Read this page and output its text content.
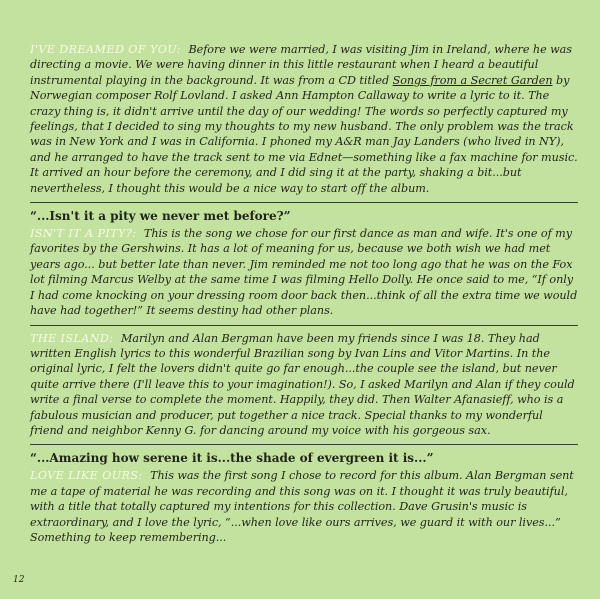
I'VE DREAMED OF YOU: Before we were married, I was visiting Jim in Ireland, where he was directing a movie. We were having dinner in this little restaurant when I heard a beautiful instrumental playing in the background. It was from a CD titled Songs from a Secret Garden by Norwegian composer Rolf Lovland. I asked Ann Hampton Callaway to write a lyric to it. The crazy thing is, it didn't arrive until the day of our wedding! The words so perfectly captured my feelings, that I decided to sing my thoughts to my new husband. The only problem was the track was in New York and I was in California. I phoned my A&R man Jay Landers (who lived in NY), and he arranged to have the track sent to me via Ednet—something like a fax machine for music. It arrived an hour before the ceremony, and I did sing it at the party, shaking a bit...but nevertheless, I thought this would be a nice way to start off the album.

“...Isn't it a pity we never met before?”

ISN'T IT A PITY?: This is the song we chose for our first dance as man and wife. It's one of my favorites by the Gershwins. It has a lot of meaning for us, because we both wish we had met years ago... but better late than never. Jim reminded me not too long ago that he was on the Fox lot filming Marcus Welby at the same time I was filming Hello Dolly. He once said to me, “If only I had come knocking on your dressing room door back then...think of all the extra time we would have had together!” It seems destiny had other plans.

THE ISLAND: Marilyn and Alan Bergman have been my friends since I was 18. They had written English lyrics to this wonderful Brazilian song by Ivan Lins and Vitor Martins. In the original lyric, I felt the lovers didn't quite go far enough...the couple see the island, but never quite arrive there (I'll leave this to your imagination!). So, I asked Marilyn and Alan if they could write a final verse to complete the moment. Happily, they did. Then Walter Afanasieff, who is a fabulous musician and producer, put together a nice track. Special thanks to my wonderful friend and neighbor Kenny G. for dancing around my voice with his gorgeous sax.

“...Amazing how serene it is...the shade of evergreen it is...”

LOVE LIKE OURS: This was the first song I chose to record for this album. Alan Bergman sent me a tape of material he was recording and this song was on it. I thought it was truly beautiful, with a title that totally captured my intentions for this collection. Dave Grusin's music is extraordinary, and I love the lyric, “...when love like ours arrives, we guard it with our lives...” Something to keep remembering...

12
